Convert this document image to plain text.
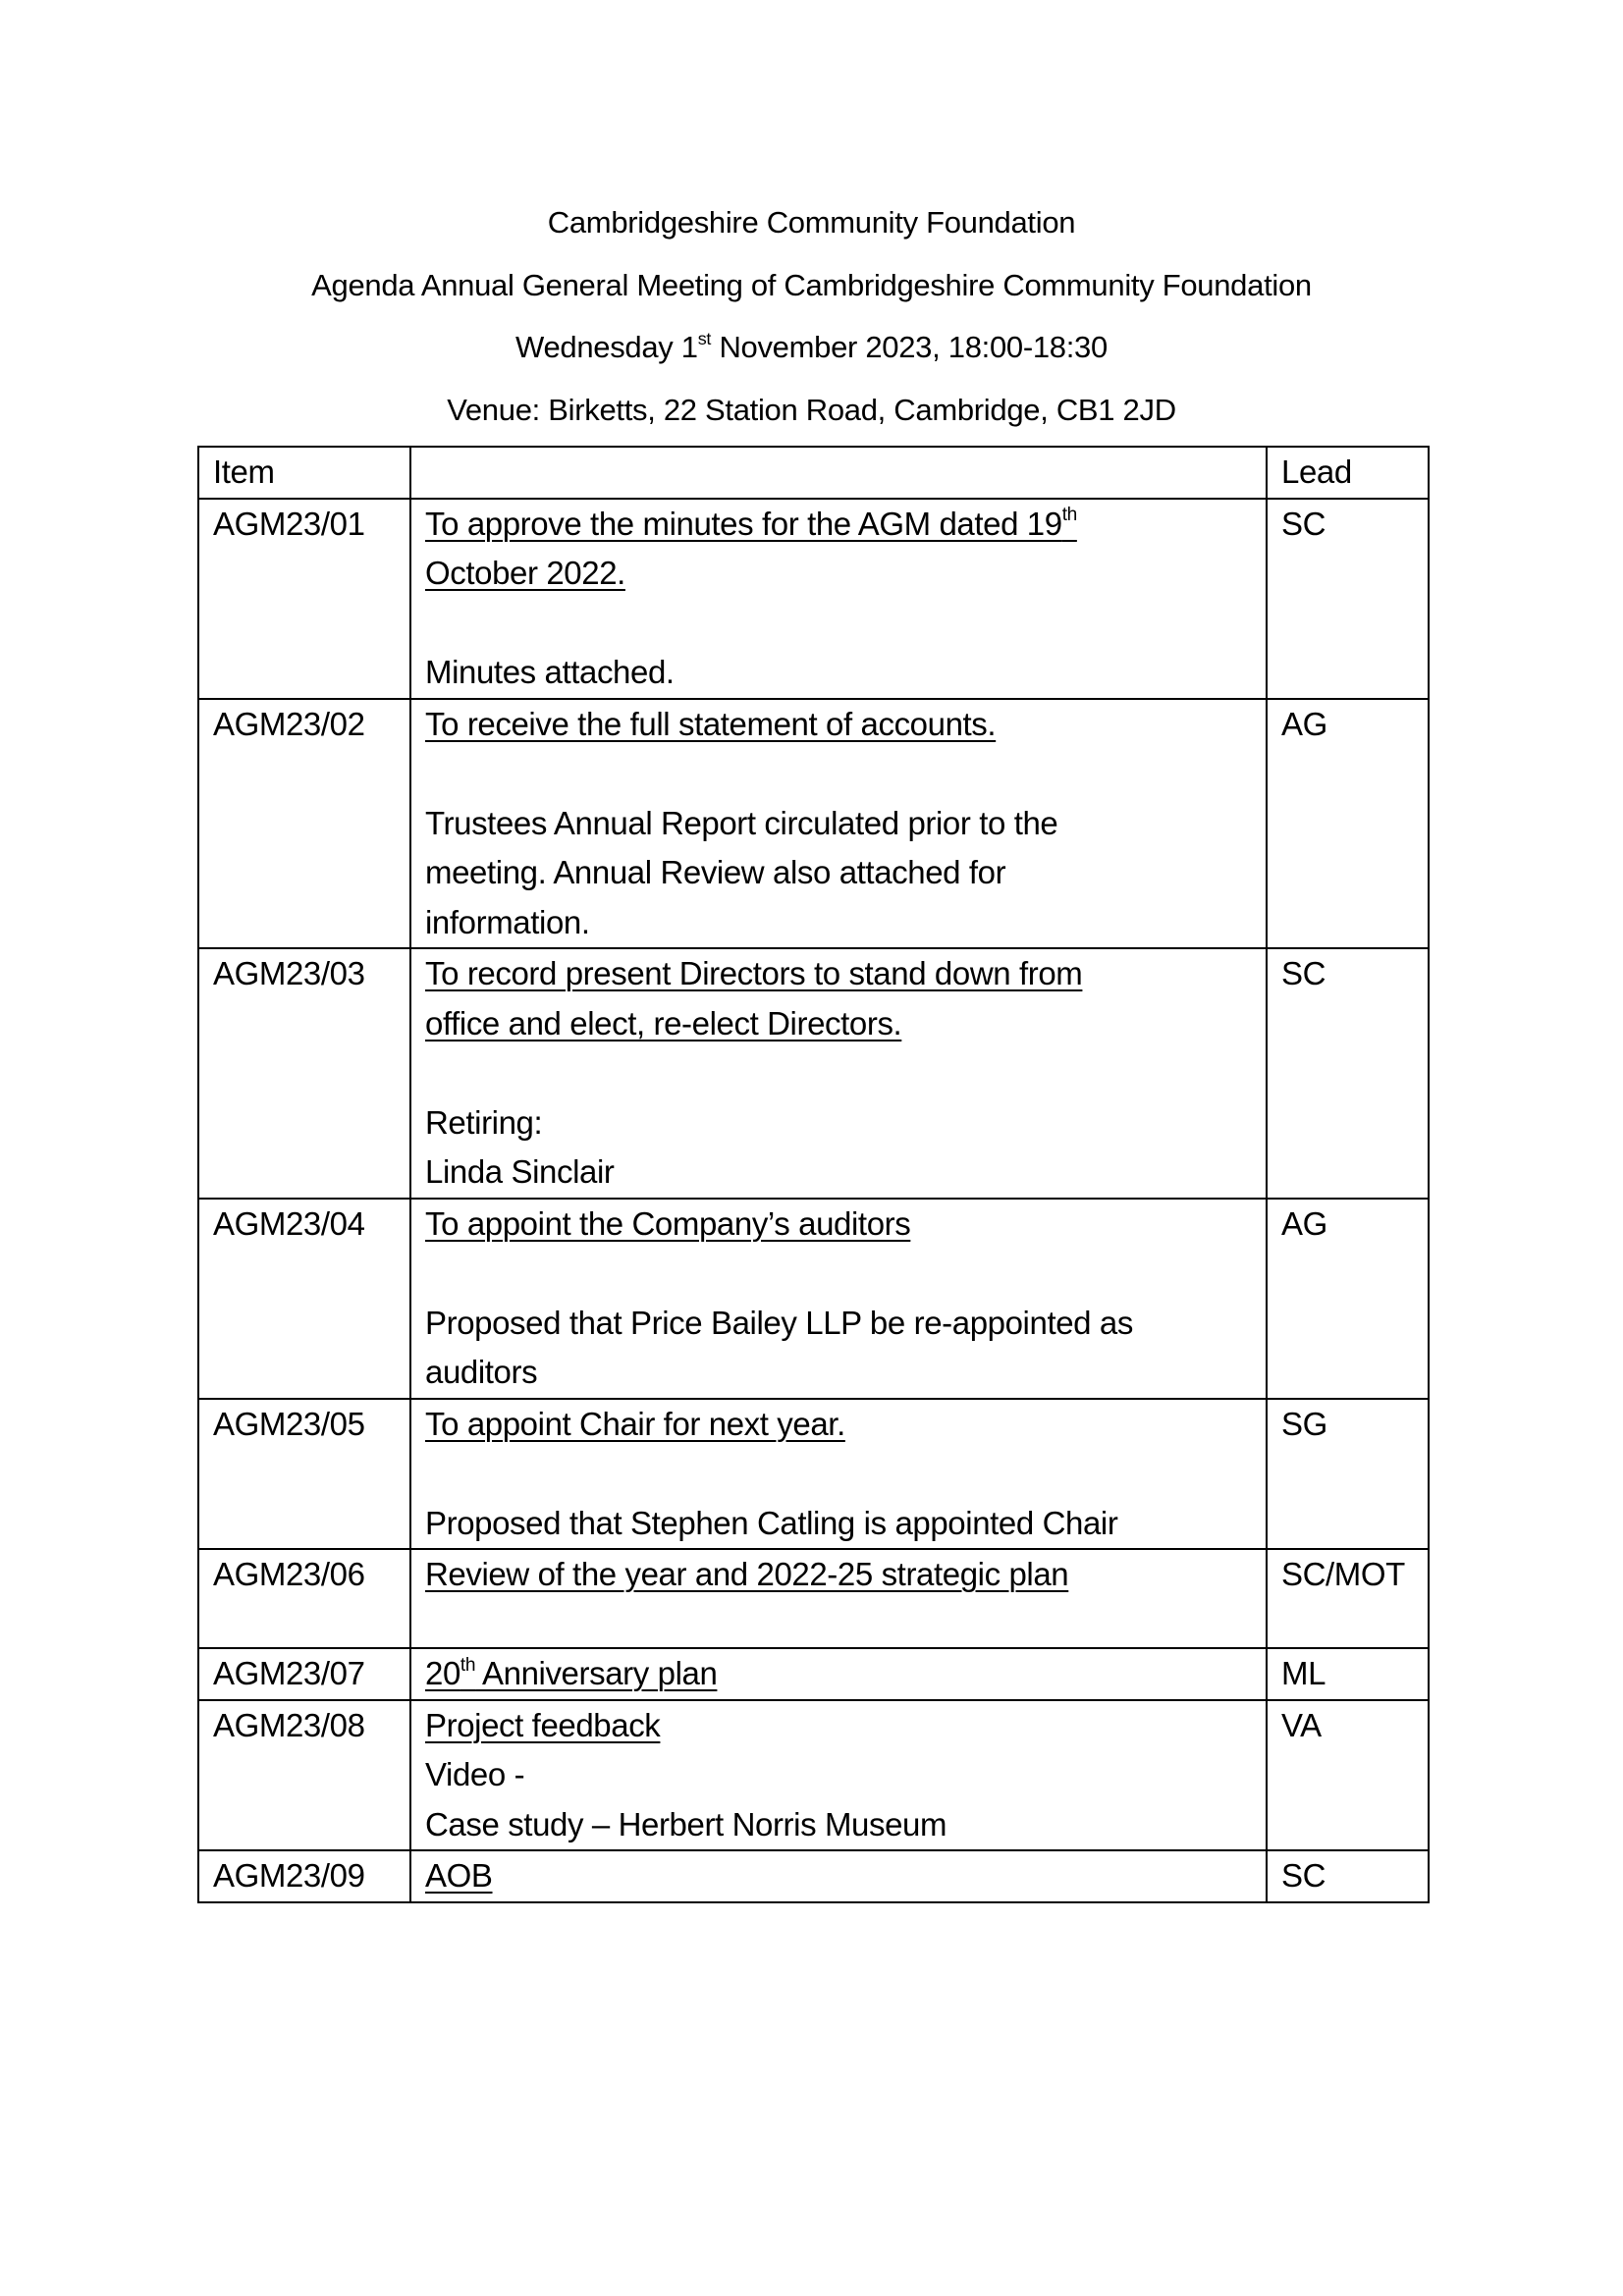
Cambridgeshire Community Foundation
Agenda Annual General Meeting of Cambridgeshire Community Foundation
Wednesday 1st November 2023, 18:00-18:30
Venue: Birketts, 22 Station Road, Cambridge, CB1 2JD
Item		Lead
AGM23/01	To approve the minutes for the AGM dated 19th
October 2022.
Minutes attached.	SC
AGM23/02	To receive the full statement of accounts.
Trustees Annual Report circulated prior to the
meeting. Annual Review also attached for
information.	AG
AGM23/03	To record present Directors to stand down from
office and elect, re-elect Directors.
Retiring:
Linda Sinclair	SC
AGM23/04	To appoint the Company’s auditors
Proposed that Price Bailey LLP be re-appointed as
auditors	AG
AGM23/05	To appoint Chair for next year.
Proposed that Stephen Catling is appointed Chair	SG
AGM23/06	Review of the year and 2022-25 strategic plan	SC/MOT
AGM23/07	20th Anniversary plan	ML
AGM23/08	Project feedback
Video -
Case study – Herbert Norris Museum	VA
AGM23/09	AOB	SC
